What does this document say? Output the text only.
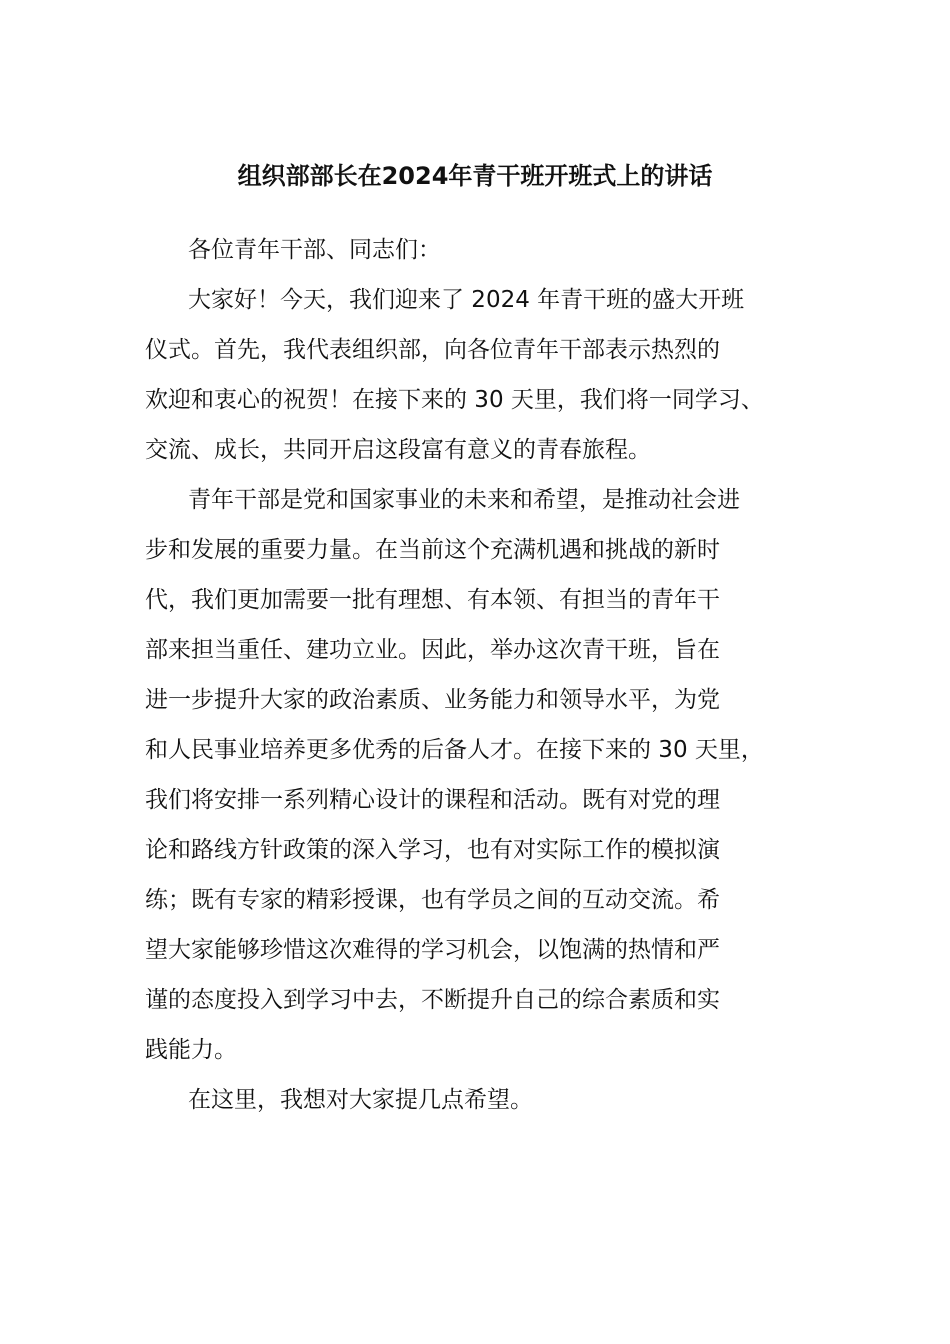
组织部部长在2024年青干班开班式上的讲话
各位青年干部、同志们：
大家好！今天，我们迎来了 2024 年青干班的盛大开班
仪式。首先，我代表组织部，向各位青年干部表示热烈的
欢迎和衷心的祝贺！在接下来的 30 天里，我们将一同学习、
交流、成长，共同开启这段富有意义的青春旅程。
青年干部是党和国家事业的未来和希望，是推动社会进
步和发展的重要力量。在当前这个充满机遇和挑战的新时
代，我们更加需要一批有理想、有本领、有担当的青年干
部来担当重任、建功立业。因此，举办这次青干班，旨在
进一步提升大家的政治素质、业务能力和领导水平，为党
和人民事业培养更多优秀的后备人才。在接下来的 30 天里，
我们将安排一系列精心设计的课程和活动。既有对党的理
论和路线方针政策的深入学习，也有对实际工作的模拟演
练；既有专家的精彩授课，也有学员之间的互动交流。希
望大家能够珍惜这次难得的学习机会，以饱满的热情和严
谨的态度投入到学习中去，不断提升自己的综合素质和实
践能力。
在这里，我想对大家提几点希望。
